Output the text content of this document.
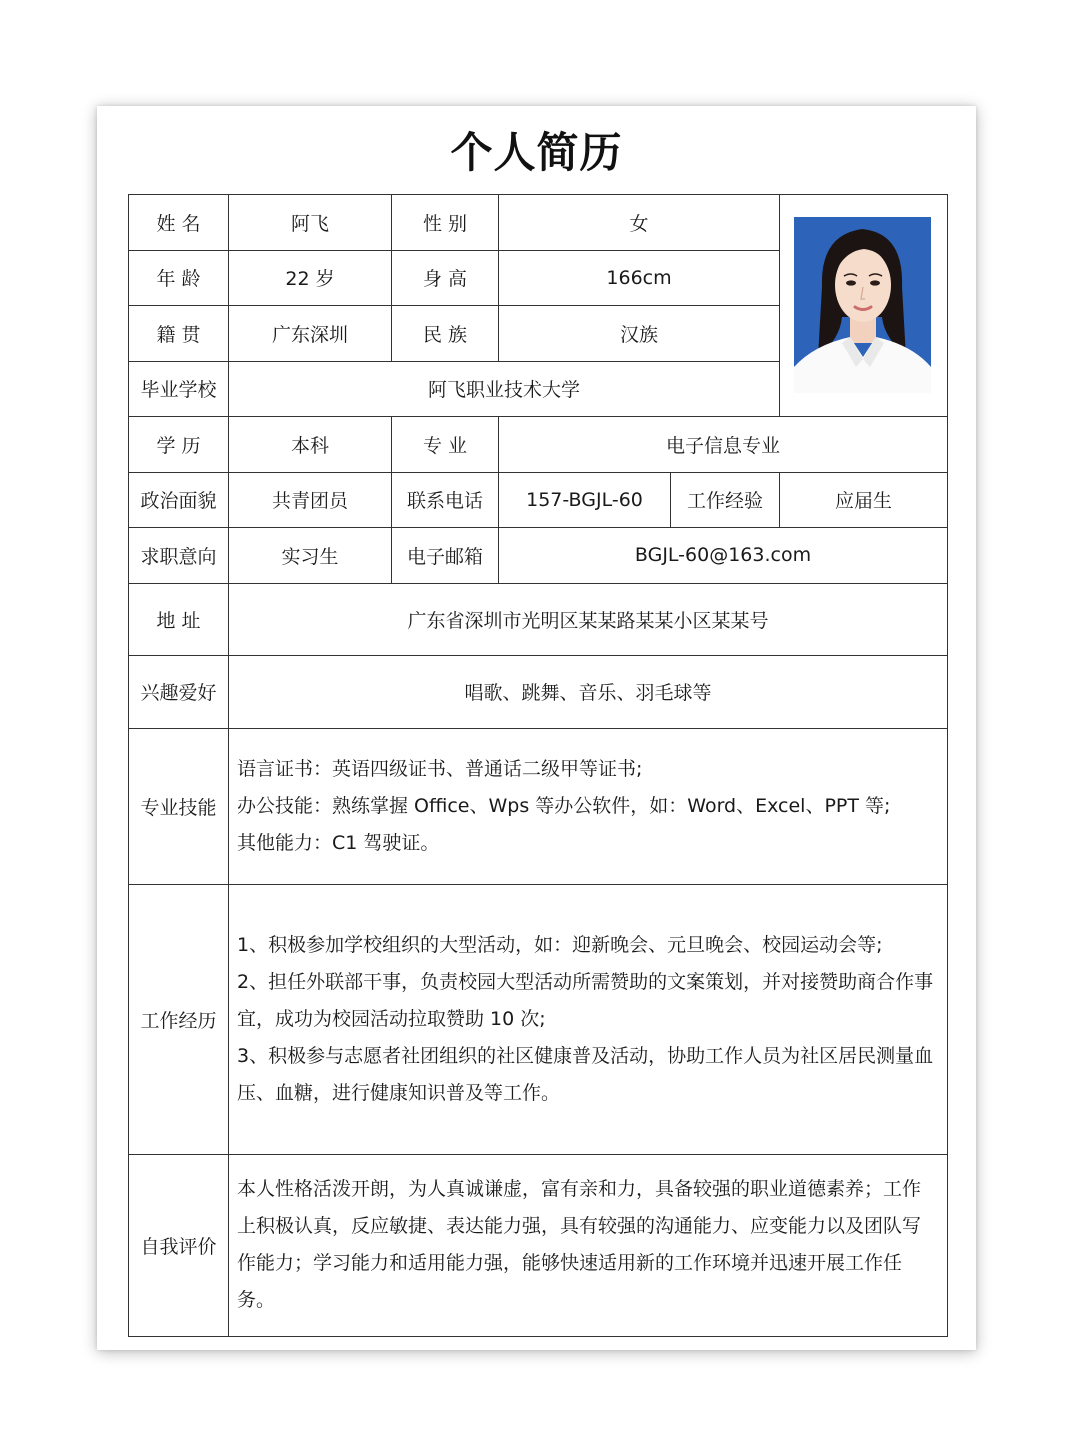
个人简历
姓 名	阿飞	性 别	女	

年 龄	22 岁	身 高	166cm		
籍 贯	广东深圳	民 族	汉族		
毕业学校	阿飞职业技术大学				
学 历	本科	专 业	电子信息专业		
政治面貌	共青团员	联系电话	157-BGJL-60	工作经验	应届生
求职意向	实习生	电子邮箱	BGJL-60@163.com		
地 址	广东省深圳市光明区某某路某某小区某某号				
兴趣爱好	唱歌、跳舞、音乐、羽毛球等				
专业技能	语言证书：英语四级证书、普通话二级甲等证书;

办公技能：熟练掌握 Office、Wps 等办公软件，如：Word、Excel、PPT 等;

其他能力：C1 驾驶证。				

工作经历	1、积极参加学校组织的大型活动，如：迎新晚会、元旦晚会、校园运动会等;

2、担任外联部干事，负责校园大型活动所需赞助的文案策划，并对接赞助商合作事宜，成功为校园活动拉取赞助 10 次;

3、积极参与志愿者社团组织的社区健康普及活动，协助工作人员为社区居民测量血压、血糖，进行健康知识普及等工作。				

自我评价	本人性格活泼开朗，为人真诚谦虚，富有亲和力，具备较强的职业道德素养；工作上积极认真，反应敏捷、表达能力强，具有较强的沟通能力、应变能力以及团队写作能力；学习能力和适用能力强，能够快速适用新的工作环境并迅速开展工作任务。				
